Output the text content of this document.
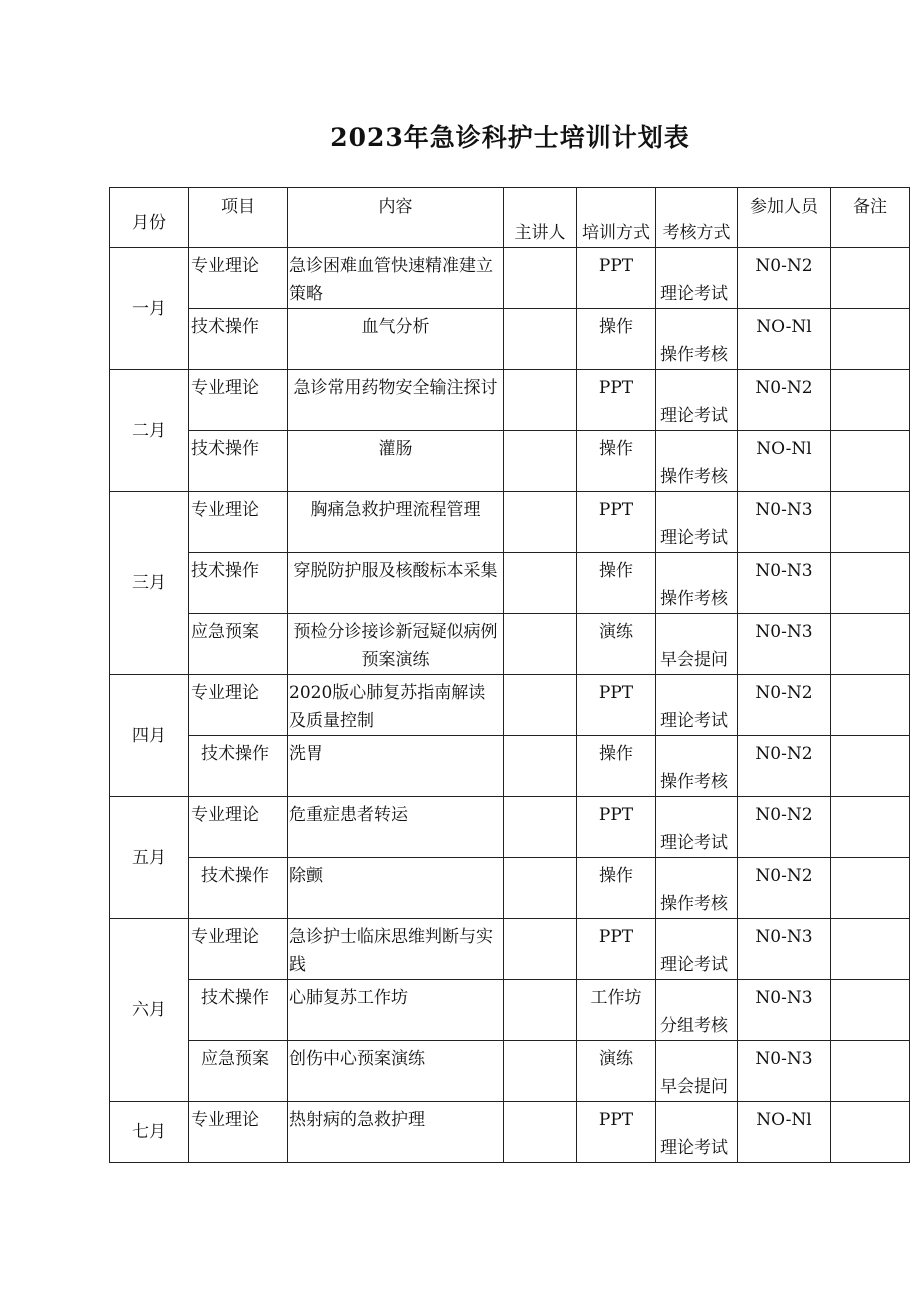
2023年急诊科护士培训计划表
月份	项目	内容	主讲人	培训方式	考核方式	参加人员	备注
一月	专业理论	急诊困难血管快速精准建立策略		PPT	理论考试	N0-N2	
	技术操作	血气分析		操作	操作考核	NO-Nl	
二月	专业理论	急诊常用药物安全输注探讨		PPT	理论考试	N0-N2	
	技术操作	灌肠		操作	操作考核	NO-Nl	
三月	专业理论	胸痛急救护理流程管理		PPT	理论考试	N0-N3	
	技术操作	穿脱防护服及核酸标本采集		操作	操作考核	N0-N3	
	应急预案	预检分诊接诊新冠疑似病例预案演练		演练	早会提问	N0-N3	
四月	专业理论	2020版心肺复苏指南解读及质量控制		PPT	理论考试	N0-N2	
	技术操作	洗胃		操作	操作考核	N0-N2	
五月	专业理论	危重症患者转运		PPT	理论考试	N0-N2	
	技术操作	除颤		操作	操作考核	N0-N2	
六月	专业理论	急诊护士临床思维判断与实践		PPT	理论考试	N0-N3	
	技术操作	心肺复苏工作坊		工作坊	分组考核	N0-N3	
	应急预案	创伤中心预案演练		演练	早会提问	N0-N3	
七月	专业理论	热射病的急救护理		PPT	理论考试	NO-Nl	
